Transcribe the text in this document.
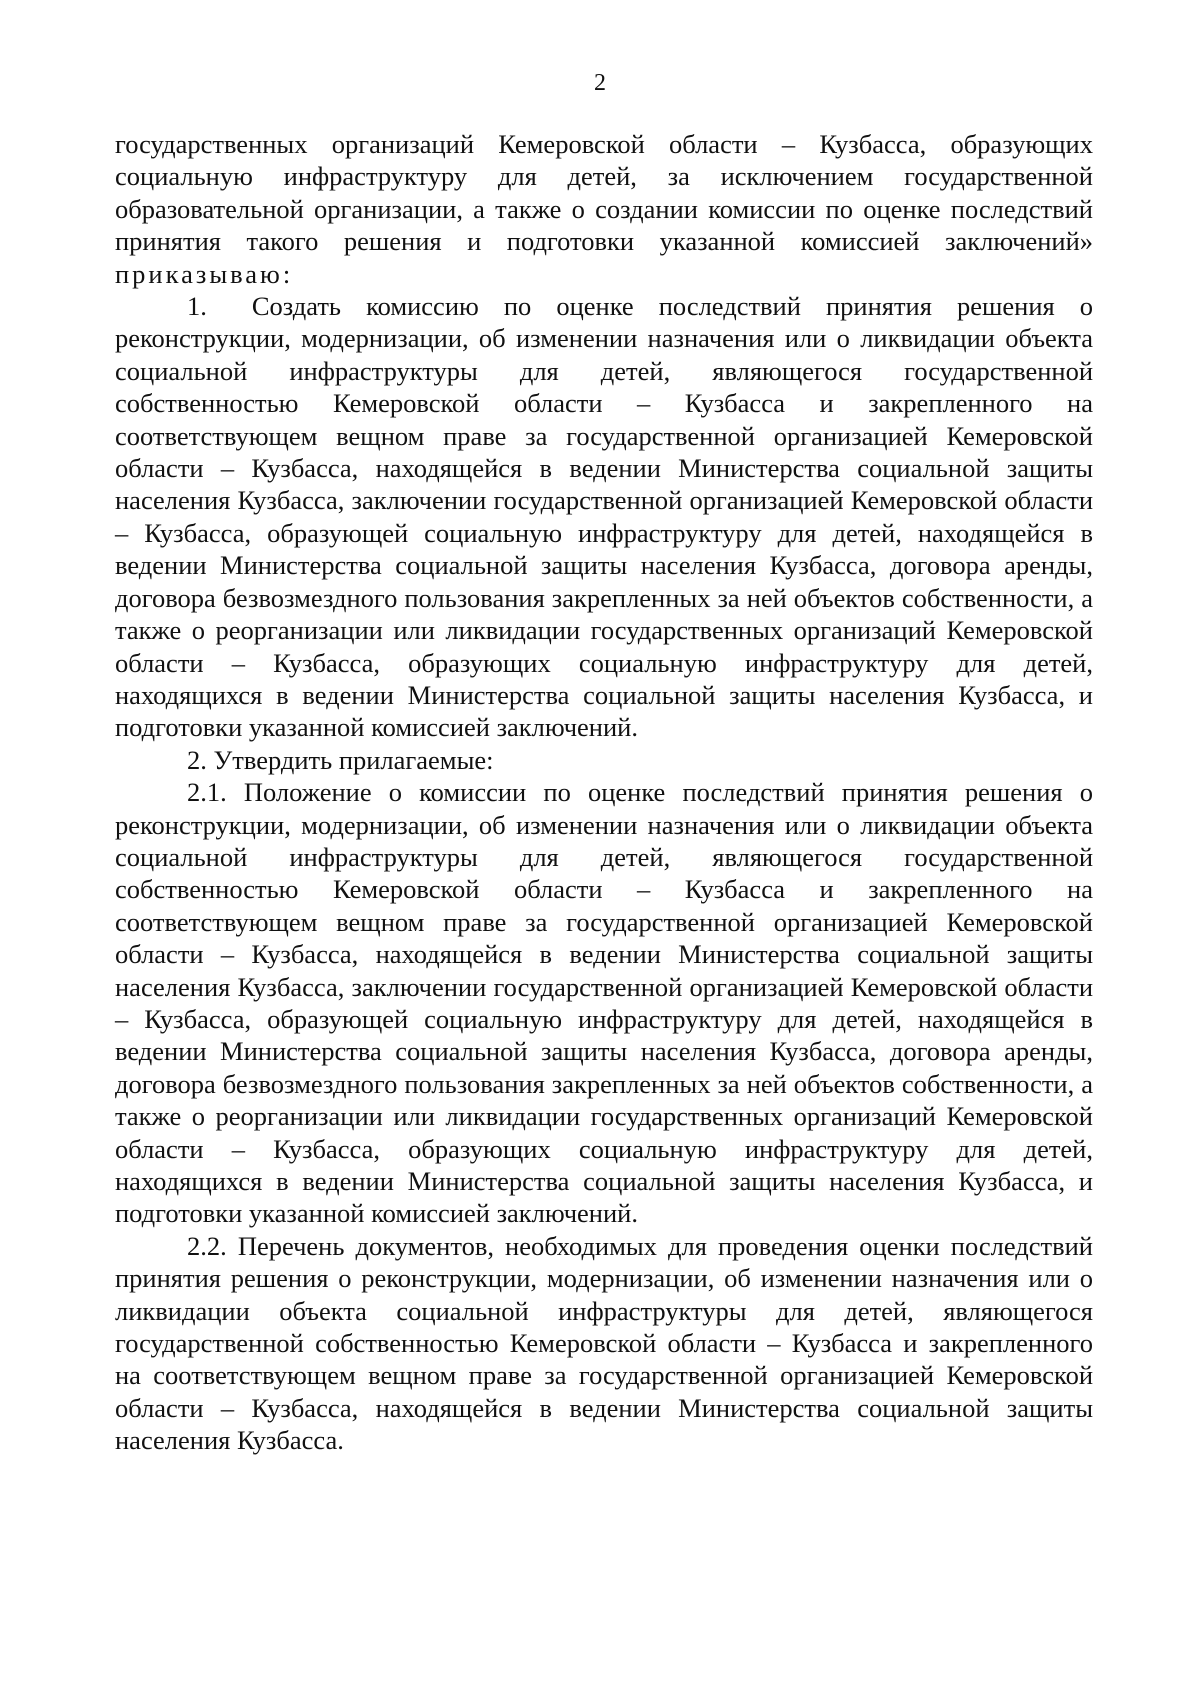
2

государственных организаций Кемеровской области – Кузбасса, образующих социальную инфраструктуру для детей, за исключением государственной образовательной организации, а также о создании комиссии по оценке последствий принятия такого решения и подготовки указанной комиссией заключений» приказываю:

1. Создать комиссию по оценке последствий принятия решения о реконструкции, модернизации, об изменении назначения или о ликвидации объекта социальной инфраструктуры для детей, являющегося государственной собственностью Кемеровской области – Кузбасса и закрепленного на соответствующем вещном праве за государственной организацией Кемеровской области – Кузбасса, находящейся в ведении Министерства социальной защиты населения Кузбасса, заключении государственной организацией Кемеровской области – Кузбасса, образующей социальную инфраструктуру для детей, находящейся в ведении Министерства социальной защиты населения Кузбасса, договора аренды, договора безвозмездного пользования закрепленных за ней объектов собственности, а также о реорганизации или ликвидации государственных организаций Кемеровской области – Кузбасса, образующих социальную инфраструктуру для детей, находящихся в ведении Министерства социальной защиты населения Кузбасса, и подготовки указанной комиссией заключений.

2. Утвердить прилагаемые:

2.1. Положение о комиссии по оценке последствий принятия решения о реконструкции, модернизации, об изменении назначения или о ликвидации объекта социальной инфраструктуры для детей, являющегося государственной собственностью Кемеровской области – Кузбасса и закрепленного на соответствующем вещном праве за государственной организацией Кемеровской области – Кузбасса, находящейся в ведении Министерства социальной защиты населения Кузбасса, заключении государственной организацией Кемеровской области – Кузбасса, образующей социальную инфраструктуру для детей, находящейся в ведении Министерства социальной защиты населения Кузбасса, договора аренды, договора безвозмездного пользования закрепленных за ней объектов собственности, а также о реорганизации или ликвидации государственных организаций Кемеровской области – Кузбасса, образующих социальную инфраструктуру для детей, находящихся в ведении Министерства социальной защиты населения Кузбасса, и подготовки указанной комиссией заключений.

2.2. Перечень документов, необходимых для проведения оценки последствий принятия решения о реконструкции, модернизации, об изменении назначения или о ликвидации объекта социальной инфраструктуры для детей, являющегося государственной собственностью Кемеровской области – Кузбасса и закрепленного на соответствующем вещном праве за государственной организацией Кемеровской области – Кузбасса, находящейся в ведении Министерства социальной защиты населения Кузбасса.
